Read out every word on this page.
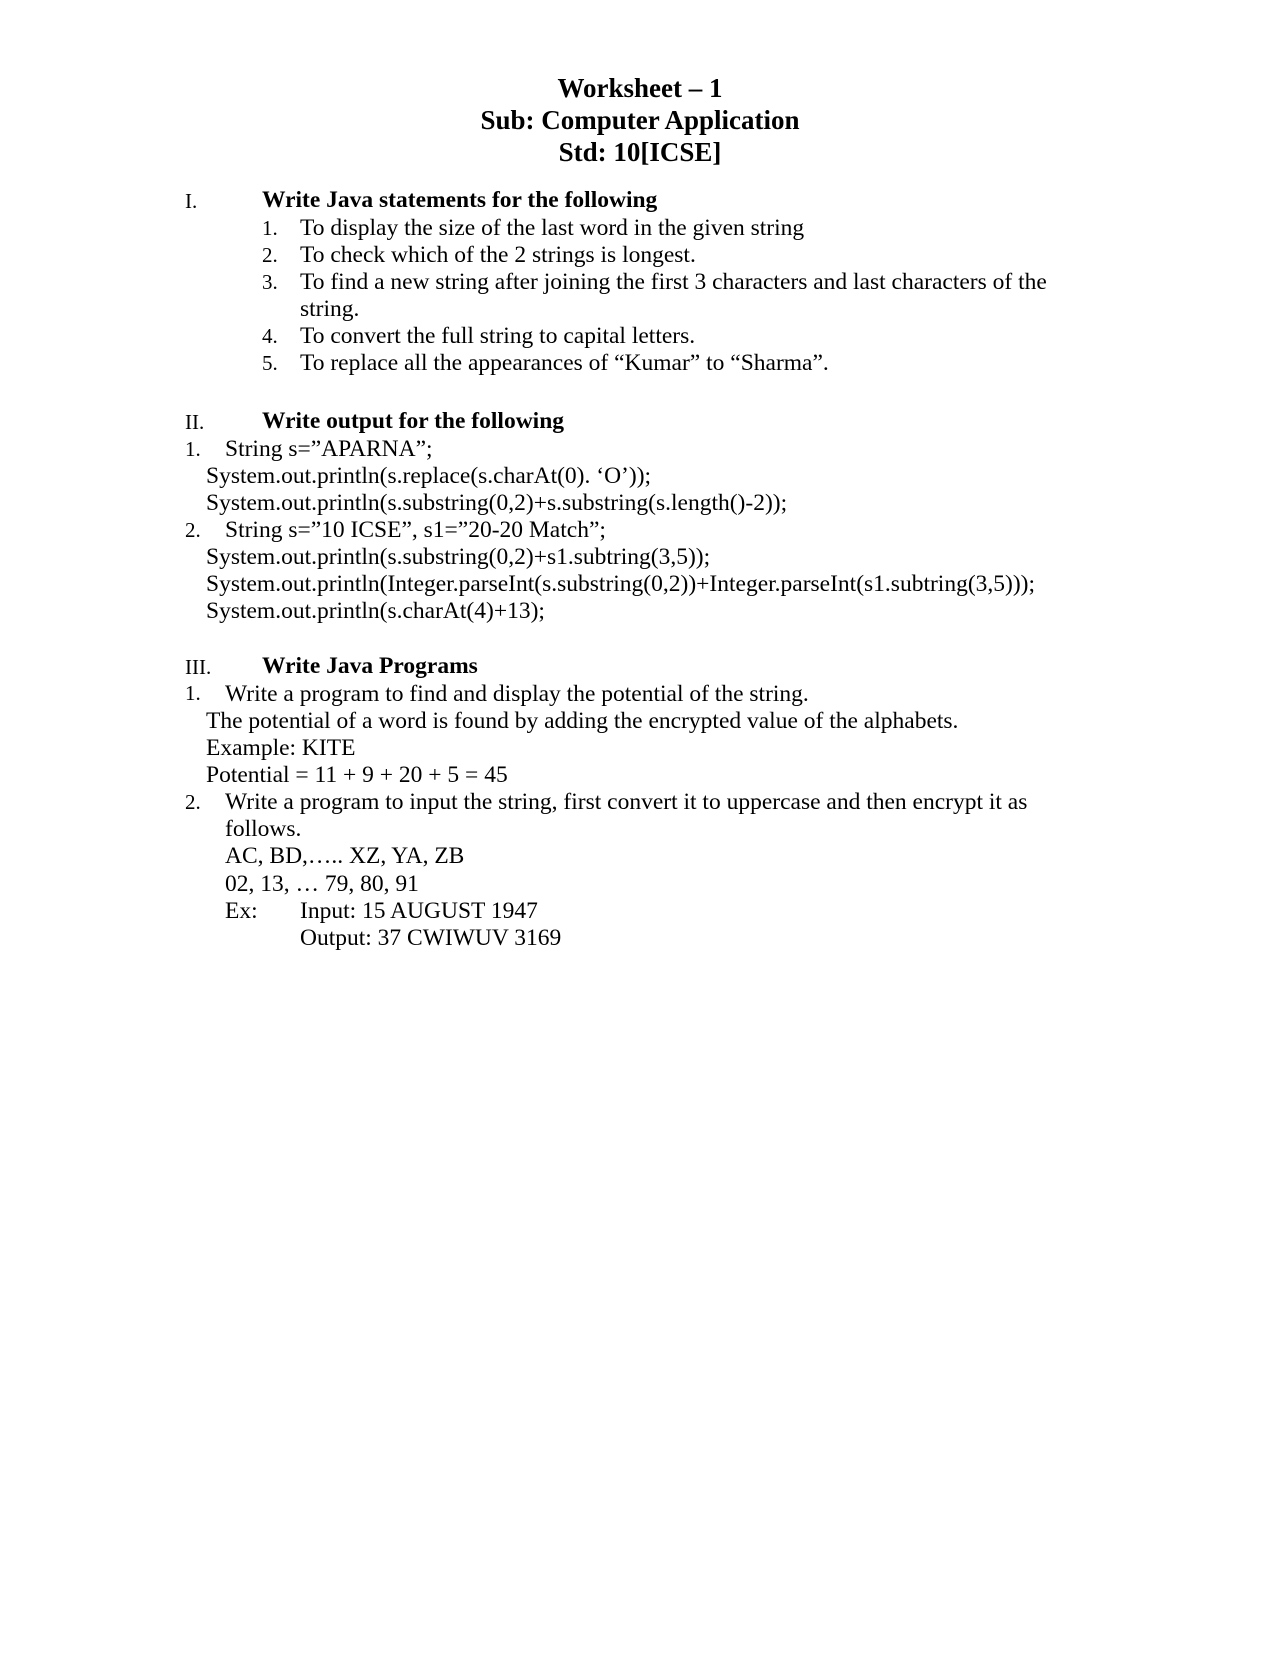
Worksheet – 1
Sub: Computer Application
Std: 10[ICSE]
I.	Write Java statements for the following
1. To display the size of the last word in the given string
2. To check which of the 2 strings is longest.
3. To find a new string after joining the first 3 characters and last characters of the
string.
4. To convert the full string to capital letters.
5. To replace all the appearances of “Kumar” to “Sharma”.
II. Write output for the following
1. String s=”APARNA”;
System.out.println(s.replace(s.charAt(0). ‘O’));
System.out.println(s.substring(0,2)+s.substring(s.length()-2));
2. String s=”10 ICSE”, s1=”20-20 Match”;
System.out.println(s.substring(0,2)+s1.subtring(3,5));
System.out.println(Integer.parseInt(s.substring(0,2))+Integer.parseInt(s1.subtring(3,5)));
System.out.println(s.charAt(4)+13);
III. Write Java Programs
1. Write a program to find and display the potential of the string.
The potential of a word is found by adding the encrypted value of the alphabets.
Example: KITE
Potential = 11 + 9 + 20 + 5 = 45
2. Write a program to input the string, first convert it to uppercase and then encrypt it as
follows.
AC, BD,….. XZ, YA, ZB
02, 13, … 79, 80, 91
Ex: Input: 15 AUGUST 1947
Output: 37 CWIWUV 3169
